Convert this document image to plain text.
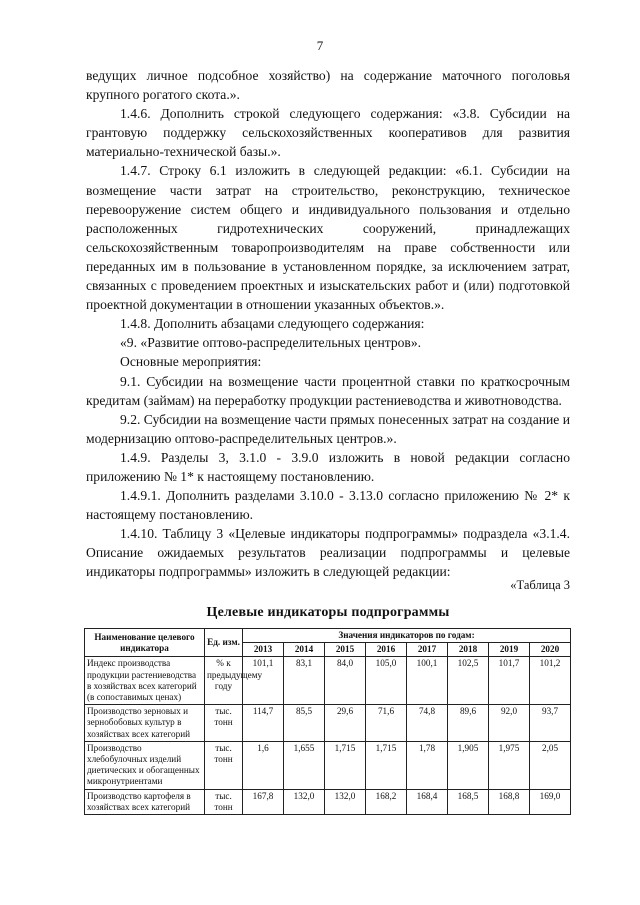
7

ведущих личное подсобное хозяйство) на содержание маточного поголовья крупного рогатого скота.».

1.4.6. Дополнить строкой следующего содержания: «3.8. Субсидии на грантовую поддержку сельскохозяйственных кооперативов для развития материально-технической базы.».

1.4.7. Строку 6.1 изложить в следующей редакции: «6.1. Субсидии на возмещение части затрат на строительство, реконструкцию, техническое перевооружение систем общего и индивидуального пользования и отдельно расположенных гидротехнических сооружений, принадлежащих сельскохозяйственным товаропроизводителям на праве собственности или переданных им в пользование в установленном порядке, за исключением затрат, связанных с проведением проектных и изыскательских работ и (или) подготовкой проектной документации в отношении указанных объектов.».

1.4.8. Дополнить абзацами следующего содержания:

«9. «Развитие оптово-распределительных центров».

Основные мероприятия:

9.1. Субсидии на возмещение части процентной ставки по краткосрочным кредитам (займам) на переработку продукции растениеводства и животноводства.

9.2. Субсидии на возмещение части прямых понесенных затрат на создание и модернизацию оптово-распределительных центров.».

1.4.9. Разделы 3, 3.1.0 - 3.9.0 изложить в новой редакции согласно приложению № 1* к настоящему постановлению.

1.4.9.1. Дополнить разделами 3.10.0 - 3.13.0 согласно приложению № 2* к настоящему постановлению.

1.4.10. Таблицу 3 «Целевые индикаторы подпрограммы» подраздела «3.1.4. Описание ожидаемых результатов реализации подпрограммы и целевые индикаторы подпрограммы» изложить в следующей редакции:

«Таблица 3
Целевые индикаторы подпрограммы
Наименование целевого индикатора	Ед. изм.	Значения индикаторов по годам:							
		2013	2014	2015	2016	2017	2018	2019	2020
Индекс производства продукции растениеводства в хозяйствах всех категорий (в сопоставимых ценах)	% к предыдущему году	101,1	83,1	84,0	105,0	100,1	102,5	101,7	101,2
Производство зерновых и зернобобовых культур в хозяйствах всех категорий	тыс. тонн	114,7	85,5	29,6	71,6	74,8	89,6	92,0	93,7
Производство хлебобулочных изделий диетических и обогащенных микронутриентами	тыс. тонн	1,6	1,655	1,715	1,715	1,78	1,905	1,975	2,05
Производство картофеля в хозяйствах всех категорий	тыс. тонн	167,8	132,0	132,0	168,2	168,4	168,5	168,8	169,0
